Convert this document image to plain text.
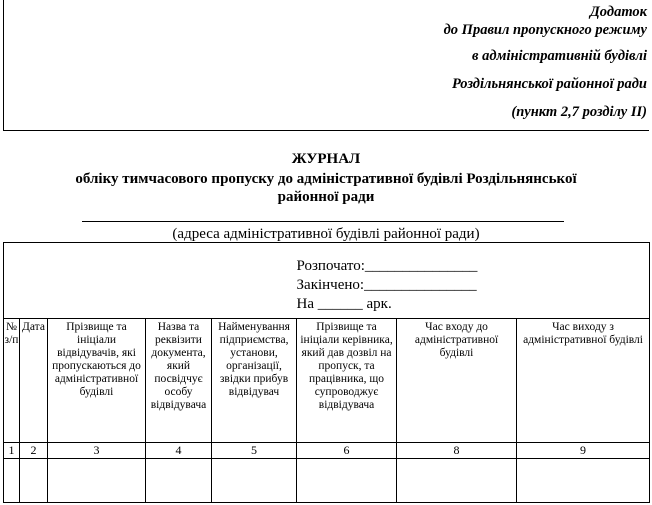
Додаток
до Правил пропускного режиму
в адміністративній будівлі
Роздільнянської районної ради
(пункт 2,7 розділу ІІ)
ЖУРНАЛ
обліку тимчасового пропуску до адміністративної будівлі Роздільнянської
районної ради
(адреса адміністративної будівлі районної ради)

					Розпочато:_______________
Закінчено:_______________
На ______ арк.		

№ з/п	Дата	Прізвище та ініціали відвідувачів, які пропускаються до адміністративної будівлі	Назва та реквізити документа, який посвідчує особу відвідувача	Найменування підприємства, установи, організації, звідки прибув відвідувач	Прізвище та ініціали керівника, який дав дозвіл на пропуск, та працівника, що супроводжує відвідувача	Час входу до адміністративної будівлі	Час виходу з адміністративної будівлі
1	2	3	4	5	6	8	9
